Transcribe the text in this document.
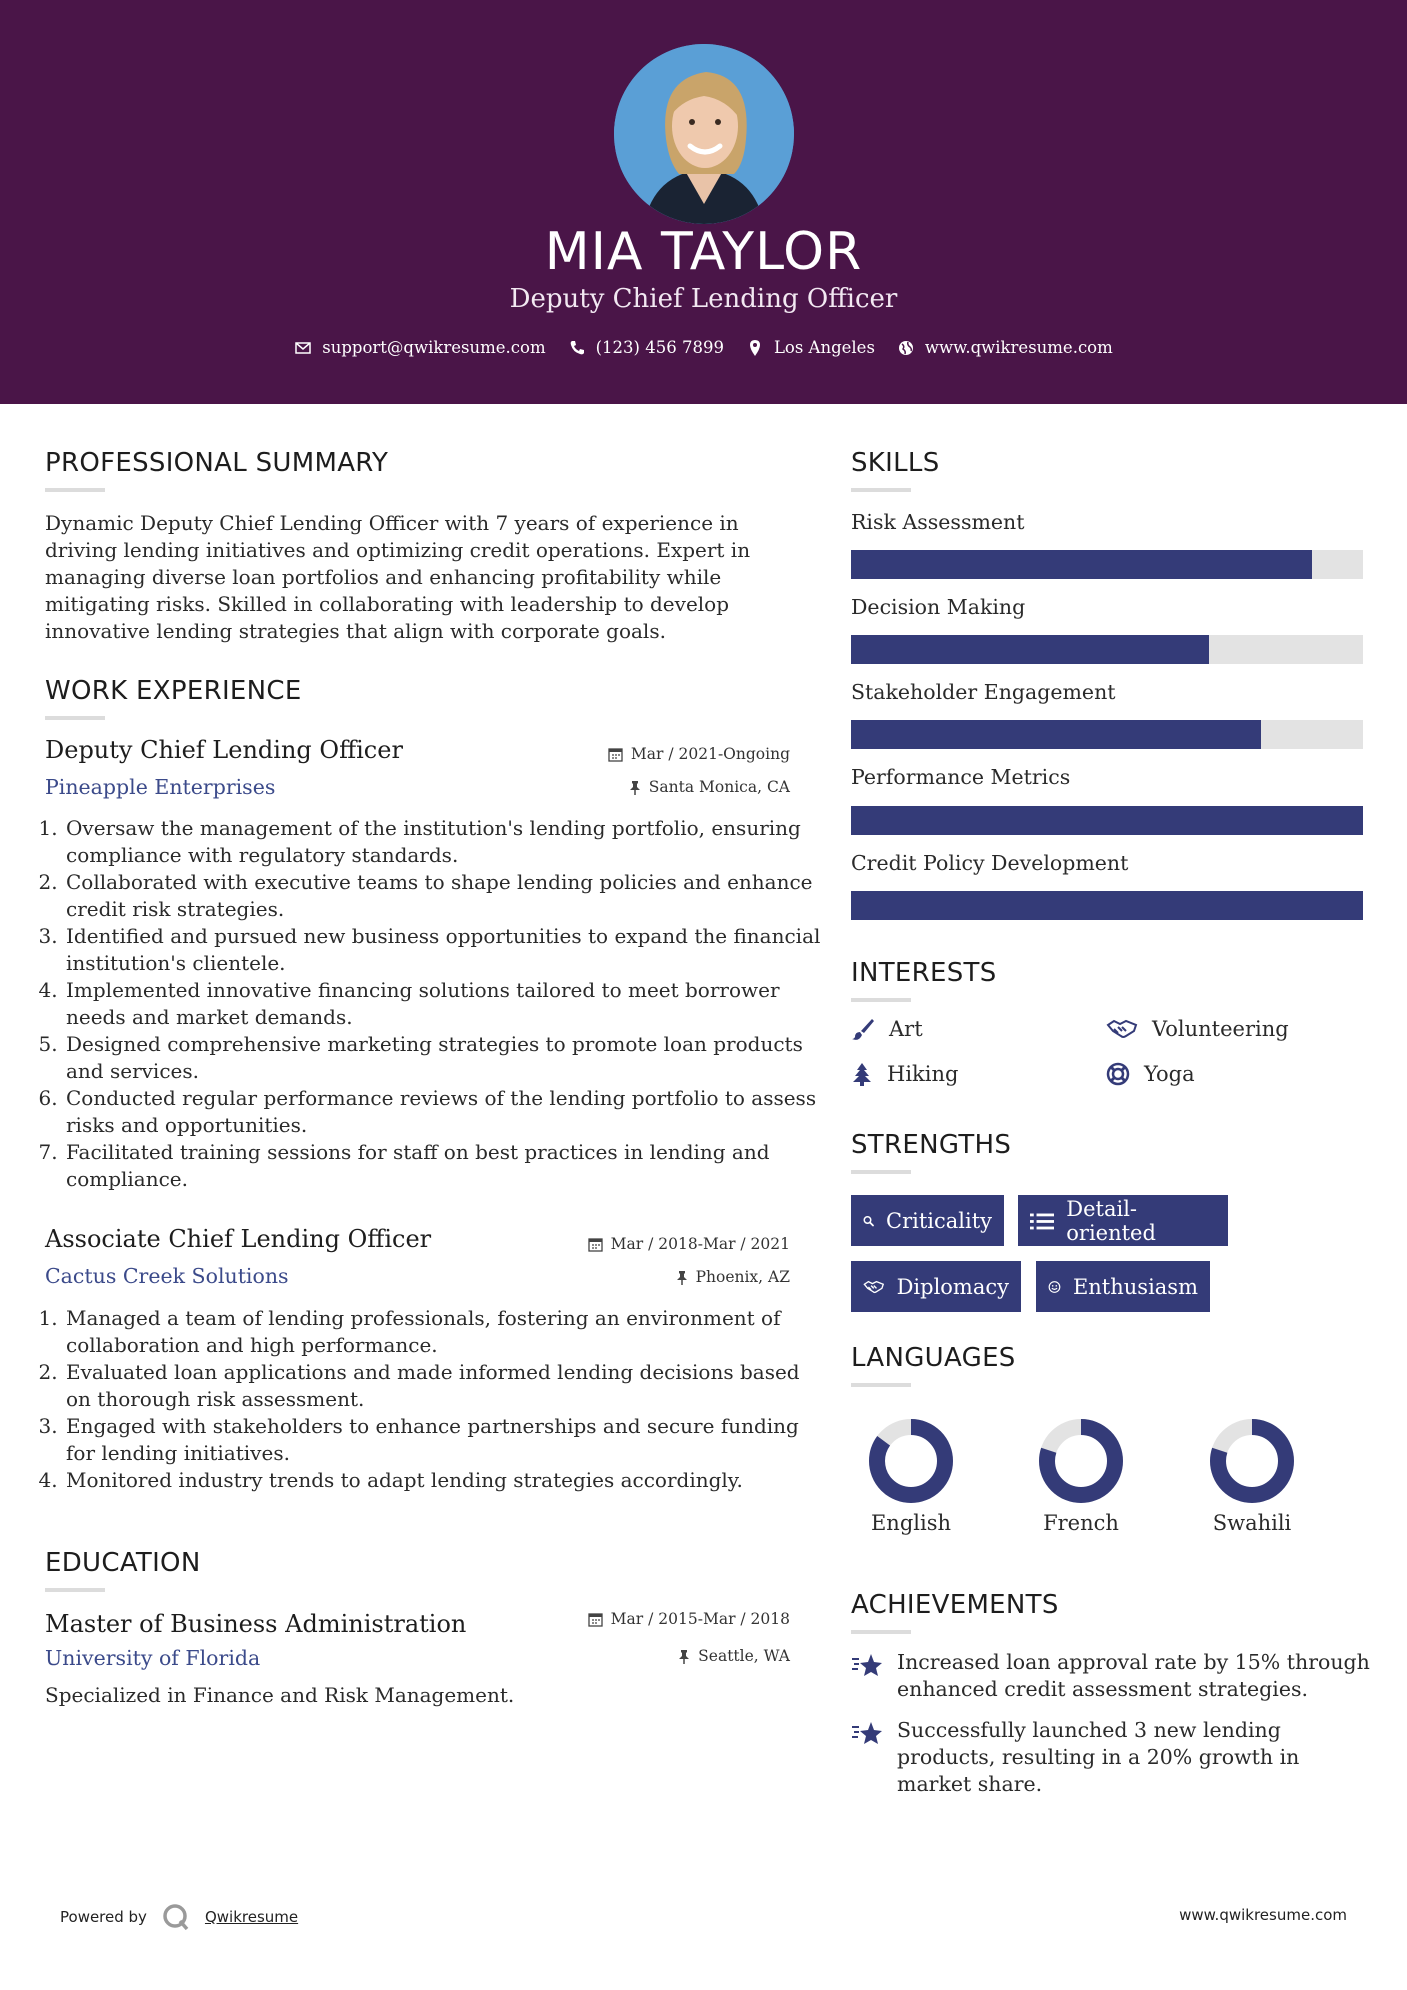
MIA TAYLOR
Deputy Chief Lending Officer
support@qwikresume.com	(123) 456 7899	Los Angeles	www.qwikresume.com
PROFESSIONAL SUMMARY
Dynamic Deputy Chief Lending Officer with 7 years of experience in driving lending initiatives and optimizing credit operations. Expert in managing diverse loan portfolios and enhancing profitability while mitigating risks. Skilled in collaborating with leadership to develop innovative lending strategies that align with corporate goals.
WORK EXPERIENCE
Deputy Chief Lending Officer	Mar / 2021-Ongoing
Pineapple Enterprises	Santa Monica, CA
1. Oversaw the management of the institution's lending portfolio, ensuring compliance with regulatory standards.
2. Collaborated with executive teams to shape lending policies and enhance credit risk strategies.
3. Identified and pursued new business opportunities to expand the financial institution's clientele.
4. Implemented innovative financing solutions tailored to meet borrower needs and market demands.
5. Designed comprehensive marketing strategies to promote loan products and services.
6. Conducted regular performance reviews of the lending portfolio to assess risks and opportunities.
7. Facilitated training sessions for staff on best practices in lending and compliance.
Associate Chief Lending Officer	Mar / 2018-Mar / 2021
Cactus Creek Solutions	Phoenix, AZ
1. Managed a team of lending professionals, fostering an environment of collaboration and high performance.
2. Evaluated loan applications and made informed lending decisions based on thorough risk assessment.
3. Engaged with stakeholders to enhance partnerships and secure funding for lending initiatives.
4. Monitored industry trends to adapt lending strategies accordingly.
EDUCATION
Master of Business Administration	Mar / 2015-Mar / 2018
University of Florida	Seattle, WA
Specialized in Finance and Risk Management.
SKILLS
Risk Assessment
Decision Making
Stakeholder Engagement
Performance Metrics
Credit Policy Development
INTERESTS
Art	Volunteering
Hiking	Yoga
STRENGTHS
Criticality	Detail-oriented
Diplomacy	Enthusiasm
LANGUAGES
English	French	Swahili
ACHIEVEMENTS
Increased loan approval rate by 15% through enhanced credit assessment strategies.
Successfully launched 3 new lending products, resulting in a 20% growth in market share.
Powered by	Qwikresume	www.qwikresume.com
